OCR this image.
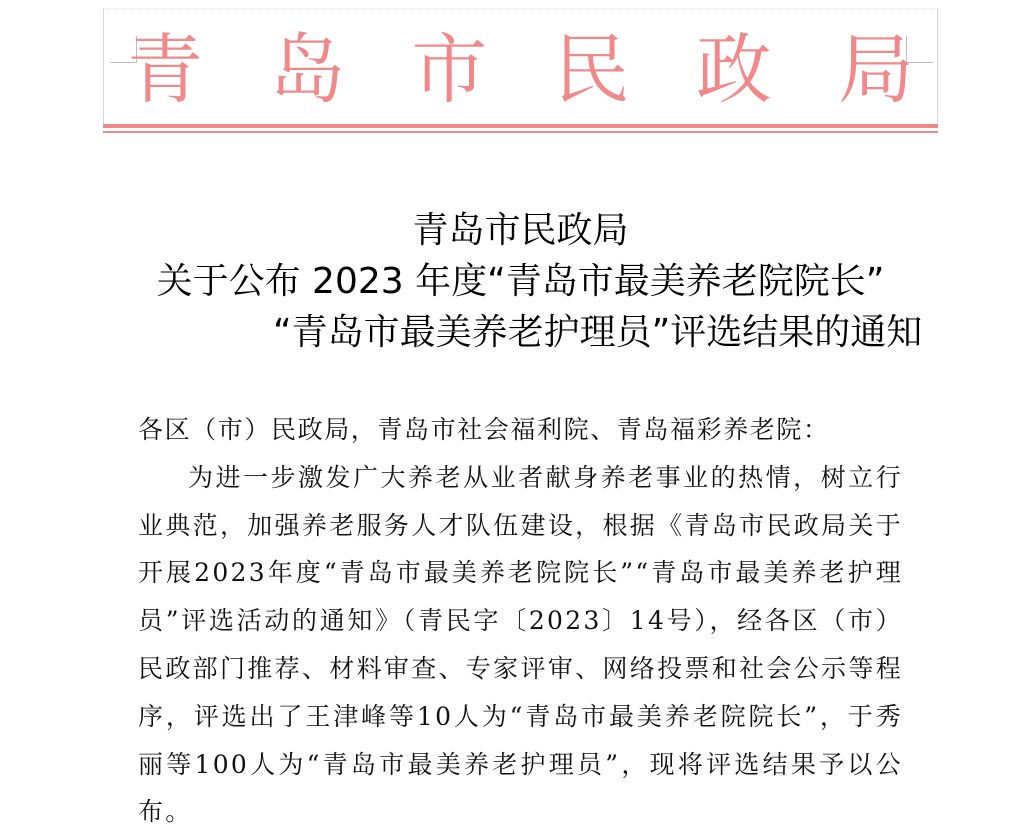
青 岛 市 民 政 局
青岛市民政局
关于公布 2023 年度“青岛市最美养老院院长”
“青岛市最美养老护理员”评选结果的通知

各区（市）民政局，青岛市社会福利院、青岛福彩养老院：

为进一步激发广大养老从业者献身养老事业的热情，树立行业典范，加强养老服务人才队伍建设，根据《青岛市民政局关于开展2023年度“青岛市最美养老院院长”“青岛市最美养老护理员”评选活动的通知》（青民字〔2023〕14号），经各区（市）民政部门推荐、材料审查、专家评审、网络投票和社会公示等程序，评选出了王津峰等10人为“青岛市最美养老院院长”，于秀丽等100人为“青岛市最美养老护理员”，现将评选结果予以公布。
